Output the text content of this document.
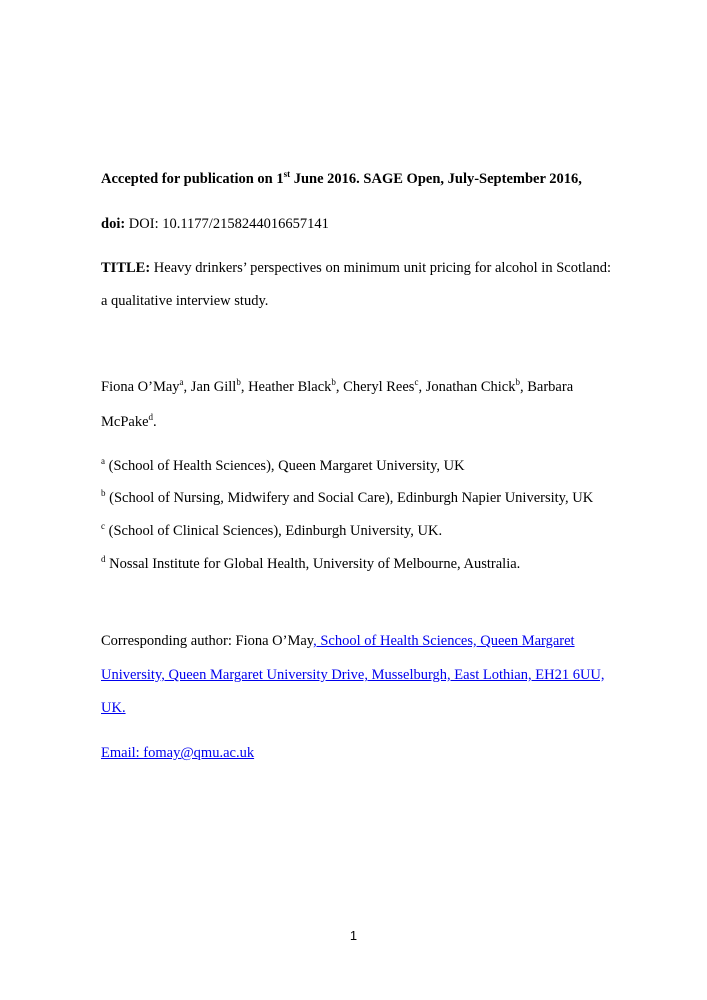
Accepted for publication on 1st June 2016. SAGE Open, July-September 2016,
doi: DOI: 10.1177/2158244016657141
TITLE: Heavy drinkers’ perspectives on minimum unit pricing for alcohol in Scotland:
a qualitative interview study.
Fiona O’May$^a$, Jan Gill$^b$, Heather Black$^b$, Cheryl Rees$^c$, Jonathan Chick$^b$, Barbara
McPake$^d$.
$^a$ (School of Health Sciences), Queen Margaret University, UK
$^b$ (School of Nursing, Midwifery and Social Care), Edinburgh Napier University, UK
$^c$ (School of Clinical Sciences), Edinburgh University, UK.
$^d$ Nossal Institute for Global Health, University of Melbourne, Australia.
Corresponding author: Fiona O’May, School of Health Sciences, Queen Margaret
University, Queen Margaret University Drive, Musselburgh, East Lothian, EH21 6UU,
UK.
Email: fomay@qmu.ac.uk
1
